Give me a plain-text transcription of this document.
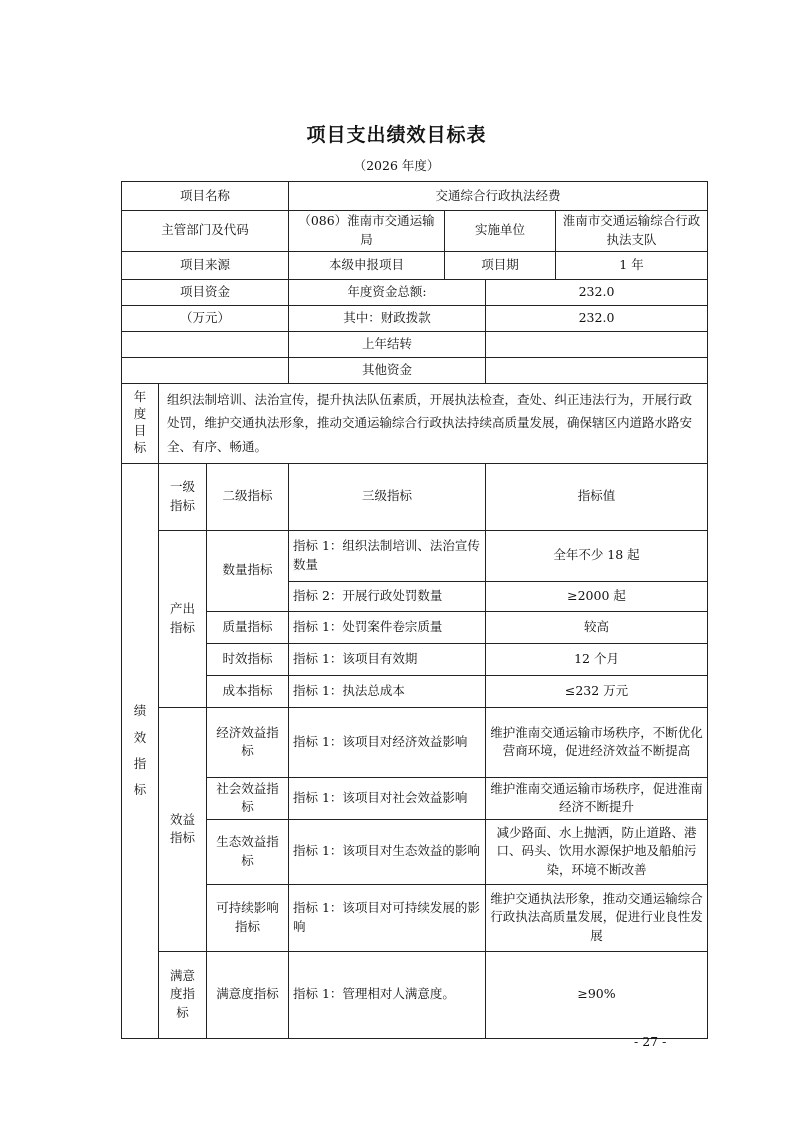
项目支出绩效目标表
（2026 年度）
项目名称			交通综合行政执法经费			
主管部门及代码			（086）淮南市交通运输局	实施单位		淮南市交通运输综合行政执法支队
项目来源			本级申报项目	项目期		1 年
项目资金			年度资金总额:		232.0	
（万元）			其中：财政拨款		232.0	
			上年结转			
			其他资金			

年度目标	组织法制培训、法治宣传，提升执法队伍素质，开展执法检查，查处、纠正违法行为，开展行政处罚，维护交通执法形象，推动交通运输综合行政执法持续高质量发展，确保辖区内道路水路安全、有序、畅通。					

绩效指标	一级指标	二级指标	三级指标		指标值	

	产出指标	数量指标	指标 1：组织法制培训、法治宣传数量		全年不少 18 起	
			指标 2：开展行政处罚数量		≥2000 起	
		质量指标	指标 1：处罚案件卷宗质量		较高	
		时效指标	指标 1：该项目有效期		12 个月	
		成本指标	指标 1：执法总成本		≤232 万元	

	效益指标	经济效益指标	指标 1：该项目对经济效益影响		维护淮南交通运输市场秩序，不断优化营商环境，促进经济效益不断提高	
		社会效益指标	指标 1：该项目对社会效益影响		维护淮南交通运输市场秩序，促进淮南经济不断提升	
		生态效益指标	指标 1：该项目对生态效益的影响		减少路面、水上抛洒，防止道路、港口、码头、饮用水源保护地及船舶污染，环境不断改善	
		可持续影响指标	指标 1：该项目对可持续发展的影响		维护交通执法形象，推动交通运输综合行政执法高质量发展，促进行业良性发展	

	满意度指标	满意度指标	指标 1：管理相对人满意度。		≥90%	
- 27 -
